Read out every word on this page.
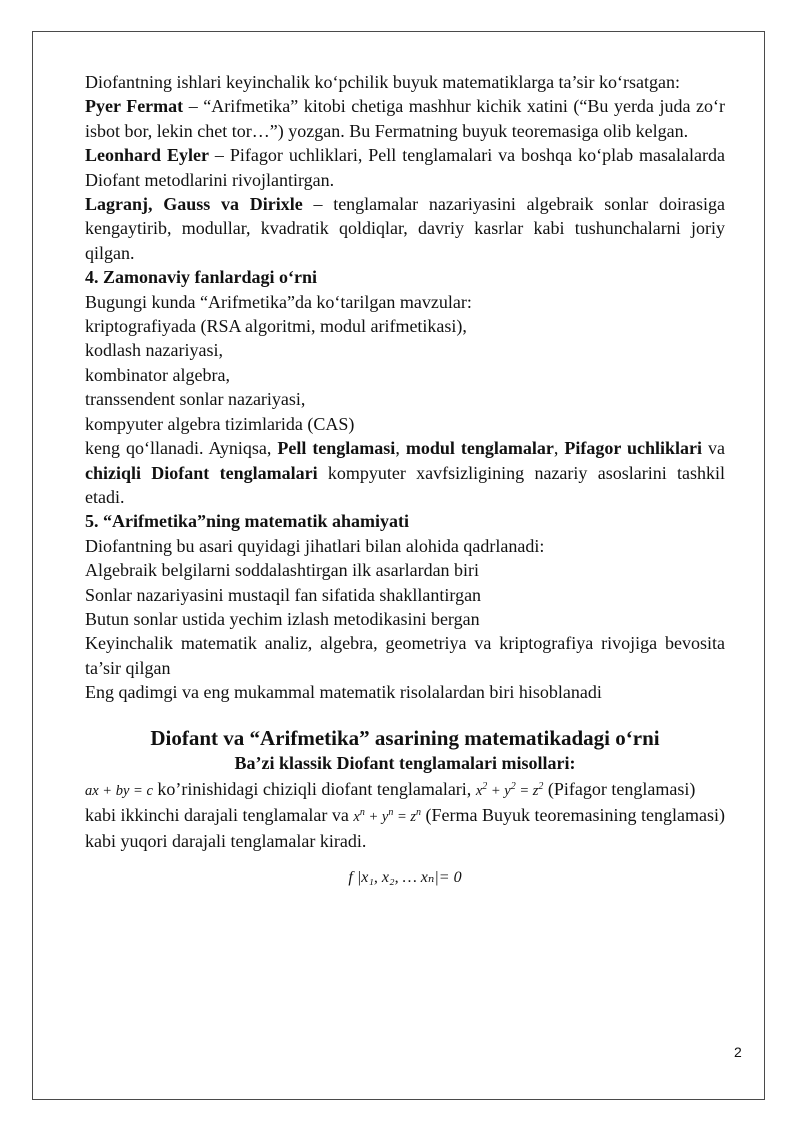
Diofantning ishlari keyinchalik ko‘pchilik buyuk matematiklarga ta’sir ko‘rsatgan:

Pyer Fermat – “Arifmetika” kitobi chetiga mashhur kichik xatini (“Bu yerda juda zo‘r isbot bor, lekin chet tor…”) yozgan. Bu Fermatning buyuk teoremasiga olib kelgan.

Leonhard Eyler – Pifagor uchliklari, Pell tenglamalari va boshqa ko‘plab masalalarda Diofant metodlarini rivojlantirgan.

Lagranj, Gauss va Dirixle – tenglamalar nazariyasini algebraik sonlar doirasiga kengaytirib, modullar, kvadratik qoldiqlar, davriy kasrlar kabi tushunchalarni joriy qilgan.

4. Zamonaviy fanlardagi o‘rni

Bugungi kunda “Arifmetika”da ko‘tarilgan mavzular:

kriptografiyada (RSA algoritmi, modul arifmetikasi),

kodlash nazariyasi,

kombinator algebra,

transsendent sonlar nazariyasi,

kompyuter algebra tizimlarida (CAS)

keng qo‘llanadi. Ayniqsa, Pell tenglamasi, modul tenglamalar, Pifagor uchliklari va chiziqli Diofant tenglamalari kompyuter xavfsizligining nazariy asoslarini tashkil etadi.

5. “Arifmetika”ning matematik ahamiyati

Diofantning bu asari quyidagi jihatlari bilan alohida qadrlanadi:

Algebraik belgilarni soddalashtirgan ilk asarlardan biri

Sonlar nazariyasini mustaqil fan sifatida shakllantirgan

Butun sonlar ustida yechim izlash metodikasini bergan

Keyinchalik matematik analiz, algebra, geometriya va kriptografiya rivojiga bevosita ta’sir qilgan

Eng qadimgi va eng mukammal matematik risolalardan biri hisoblanadi

Diofant va “Arifmetika” asarining matematikadagi o‘rni

Ba’zi klassik Diofant tenglamalari misollari:

ax + by = c ko’rinishidagi chiziqli diofant tenglamalari, $x^2 + y^2 = z^2$ (Pifagor tenglamasi) kabi ikkinchi darajali tenglamalar va $x^n + y^n = z^n$ (Ferma Buyuk teoremasining tenglamasi) kabi yuqori darajali tenglamalar kiradi.

f |x₁, x₂, … xₙ|= 0

2
